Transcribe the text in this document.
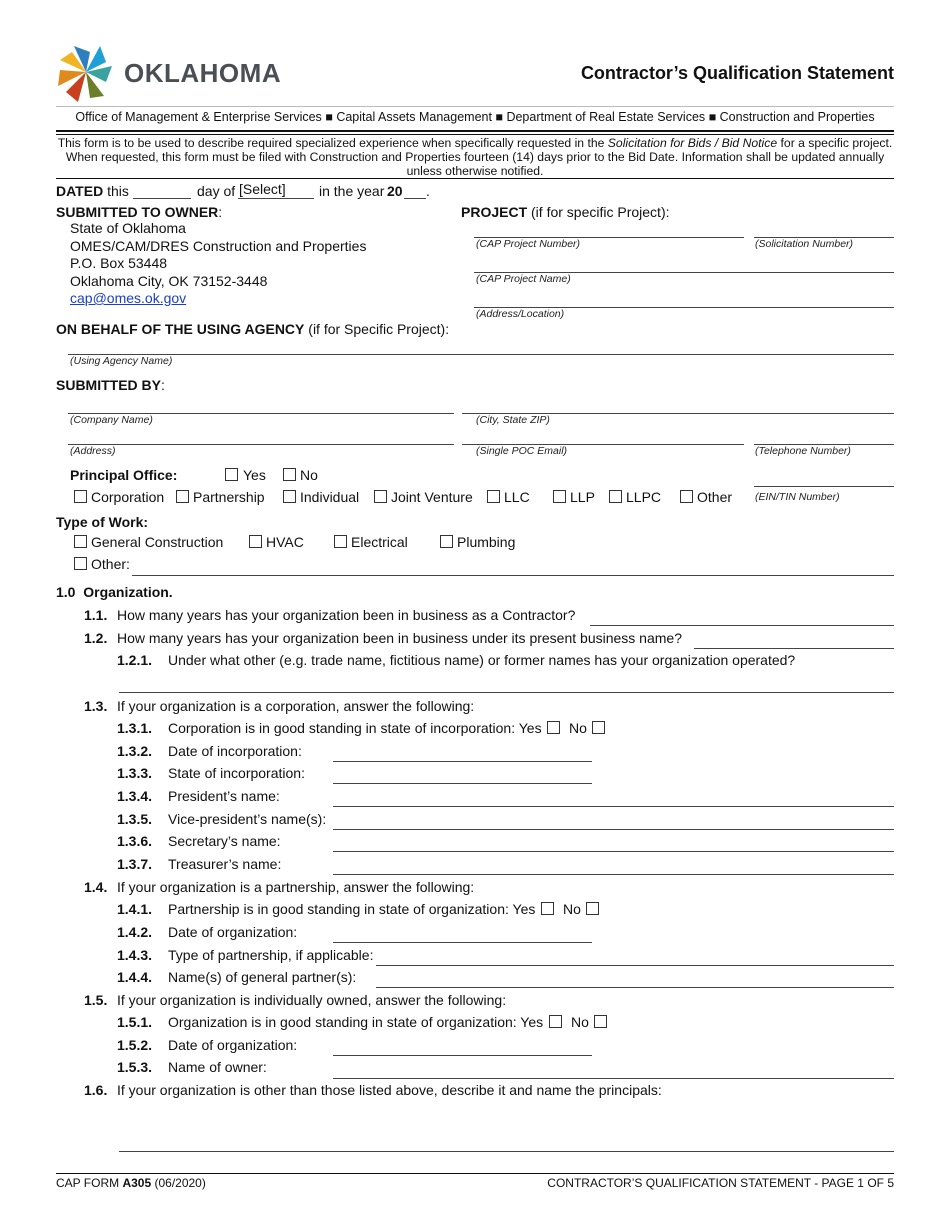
OKLAHOMA	Contractor’s Qualification Statement
Office of Management & Enterprise Services ■ Capital Assets Management ■ Department of Real Estate Services ■ Construction and Properties
This form is to be used to describe required specialized experience when specifically requested in the Solicitation for Bids / Bid Notice for a specific project. When requested, this form must be filed with Construction and Properties fourteen (14) days prior to the Bid Date. Information shall be updated annually unless otherwise notified.
DATED this	day of [Select] in the year 20 .
SUBMITTED TO OWNER:
State of Oklahoma
OMES/CAM/DRES Construction and Properties
P.O. Box 53448
Oklahoma City, OK 73152-3448
cap@omes.ok.gov
PROJECT (if for specific Project):
(CAP Project Number)	(Solicitation Number)
(CAP Project Name)
(Address/Location)
ON BEHALF OF THE USING AGENCY (if for Specific Project):
(Using Agency Name)
SUBMITTED BY:
(Company Name)	(City, State ZIP)
(Address)	(Single POC Email)	(Telephone Number)
Principal Office:	Yes No
(EIN/TIN Number)
Corporation Partnership	Individual Joint Venture LLC	LLP LLPC	Other
Type of Work:
General Construction	HVAC	Electrical	Plumbing
Other:
1.0 Organization.
1.1. How many years has your organization been in business as a Contractor?
1.2. How many years has your organization been in business under its present business name?
1.2.1. Under what other (e.g. trade name, fictitious name) or former names has your organization operated?
1.3. If your organization is a corporation, answer the following:
1.3.1. Corporation is in good standing in state of incorporation: Yes No
1.3.2. Date of incorporation:
1.3.3. State of incorporation:
1.3.4. President’s name:
1.3.5. Vice-president’s name(s):
1.3.6. Secretary’s name:
1.3.7. Treasurer’s name:
1.4. If your organization is a partnership, answer the following:
1.4.1. Partnership is in good standing in state of organization: Yes No
1.4.2. Date of organization:
1.4.3. Type of partnership, if applicable:
1.4.4. Name(s) of general partner(s):
1.5. If your organization is individually owned, answer the following:
1.5.1. Organization is in good standing in state of organization: Yes No
1.5.2. Date of organization:
1.5.3. Name of owner:
1.6. If your organization is other than those listed above, describe it and name the principals:
CAP FORM A305 (06/2020)	CONTRACTOR’S QUALIFICATION STATEMENT - PAGE 1 OF 5
